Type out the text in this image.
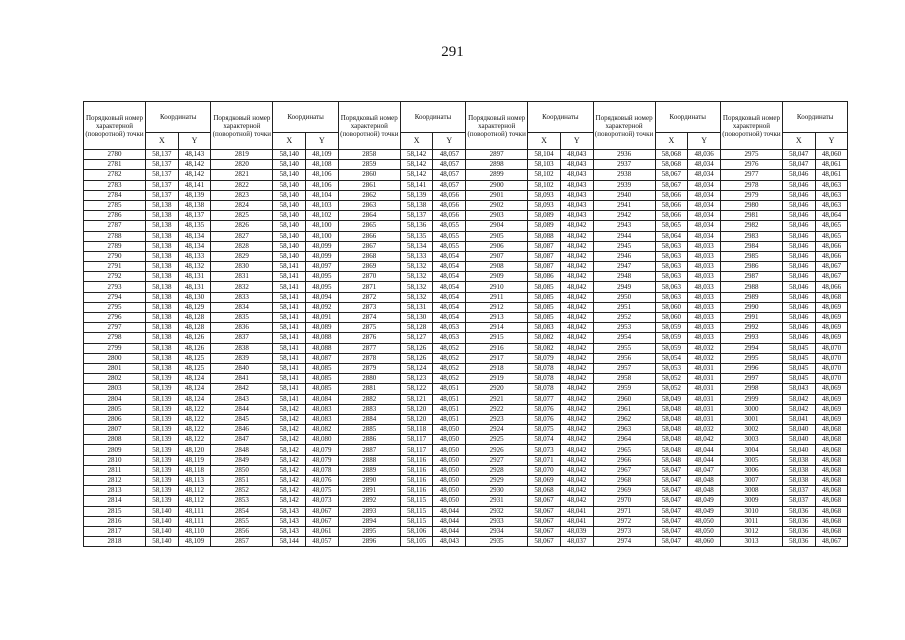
291
Порядковый номер характерной (поворотной) точки	Координаты		Порядковый номер характерной (поворотной) точки	Координаты		Порядковый номер характерной (поворотной) точки	Координаты		Порядковый номер характерной (поворотной) точки	Координаты		Порядковый номер характерной (поворотной) точки	Координаты		Порядковый номер характерной (поворотной) точки	Координаты	
	X	Y		X	Y		X	Y		X	Y		X	Y		X	Y
2780	58,137	48,143	2819	58,140	48,109	2858	58,142	48,057	2897	58,104	48,043	2936	58,068	48,036	2975	58,047	48,060
2781	58,137	48,142	2820	58,140	48,108	2859	58,142	48,057	2898	58,103	48,043	2937	58,068	48,034	2976	58,047	48,061
2782	58,137	48,142	2821	58,140	48,106	2860	58,142	48,057	2899	58,102	48,043	2938	58,067	48,034	2977	58,046	48,061
2783	58,137	48,141	2822	58,140	48,106	2861	58,141	48,057	2900	58,102	48,043	2939	58,067	48,034	2978	58,046	48,063
2784	58,137	48,139	2823	58,140	48,104	2862	58,139	48,056	2901	58,093	48,043	2940	58,066	48,034	2979	58,046	48,063
2785	58,138	48,138	2824	58,140	48,103	2863	58,138	48,056	2902	58,093	48,043	2941	58,066	48,034	2980	58,046	48,063
2786	58,138	48,137	2825	58,140	48,102	2864	58,137	48,056	2903	58,089	48,043	2942	58,066	48,034	2981	58,046	48,064
2787	58,138	48,135	2826	58,140	48,100	2865	58,136	48,055	2904	58,089	48,042	2943	58,065	48,034	2982	58,046	48,065
2788	58,138	48,134	2827	58,140	48,100	2866	58,135	48,055	2905	58,088	48,042	2944	58,064	48,034	2983	58,046	48,065
2789	58,138	48,134	2828	58,140	48,099	2867	58,134	48,055	2906	58,087	48,042	2945	58,063	48,033	2984	58,046	48,066
2790	58,138	48,133	2829	58,140	48,099	2868	58,133	48,054	2907	58,087	48,042	2946	58,063	48,033	2985	58,046	48,066
2791	58,138	48,132	2830	58,141	48,097	2869	58,132	48,054	2908	58,087	48,042	2947	58,063	48,033	2986	58,046	48,067
2792	58,138	48,131	2831	58,141	48,095	2870	58,132	48,054	2909	58,086	48,042	2948	58,063	48,033	2987	58,046	48,067
2793	58,138	48,131	2832	58,141	48,095	2871	58,132	48,054	2910	58,085	48,042	2949	58,063	48,033	2988	58,046	48,066
2794	58,138	48,130	2833	58,141	48,094	2872	58,132	48,054	2911	58,085	48,042	2950	58,063	48,033	2989	58,046	48,068
2795	58,138	48,129	2834	58,141	48,092	2873	58,131	48,054	2912	58,085	48,042	2951	58,060	48,033	2990	58,046	48,069
2796	58,138	48,128	2835	58,141	48,091	2874	58,130	48,054	2913	58,085	48,042	2952	58,060	48,033	2991	58,046	48,069
2797	58,138	48,128	2836	58,141	48,089	2875	58,128	48,053	2914	58,083	48,042	2953	58,059	48,033	2992	58,046	48,069
2798	58,138	48,126	2837	58,141	48,088	2876	58,127	48,053	2915	58,082	48,042	2954	58,059	48,033	2993	58,046	48,069
2799	58,138	48,126	2838	58,141	48,088	2877	58,126	48,052	2916	58,082	48,042	2955	58,059	48,032	2994	58,045	48,070
2800	58,138	48,125	2839	58,141	48,087	2878	58,126	48,052	2917	58,079	48,042	2956	58,054	48,032	2995	58,045	48,070
2801	58,138	48,125	2840	58,141	48,085	2879	58,124	48,052	2918	58,078	48,042	2957	58,053	48,031	2996	58,045	48,070
2802	58,139	48,124	2841	58,141	48,085	2880	58,123	48,052	2919	58,078	48,042	2958	58,052	48,031	2997	58,045	48,070
2803	58,139	48,124	2842	58,141	48,085	2881	58,122	48,051	2920	58,078	48,042	2959	58,052	48,031	2998	58,043	48,069
2804	58,139	48,124	2843	58,141	48,084	2882	58,121	48,051	2921	58,077	48,042	2960	58,049	48,031	2999	58,042	48,069
2805	58,139	48,122	2844	58,142	48,083	2883	58,120	48,051	2922	58,076	48,042	2961	58,048	48,031	3000	58,042	48,069
2806	58,139	48,122	2845	58,142	48,083	2884	58,120	48,051	2923	58,076	48,042	2962	58,048	48,031	3001	58,041	48,069
2807	58,139	48,122	2846	58,142	48,082	2885	58,118	48,050	2924	58,075	48,042	2963	58,048	48,032	3002	58,040	48,068
2808	58,139	48,122	2847	58,142	48,080	2886	58,117	48,050	2925	58,074	48,042	2964	58,048	48,042	3003	58,040	48,068
2809	58,139	48,120	2848	58,142	48,079	2887	58,117	48,050	2926	58,073	48,042	2965	58,048	48,044	3004	58,040	48,068
2810	58,139	48,119	2849	58,142	48,079	2888	58,116	48,050	2927	58,071	48,042	2966	58,048	48,044	3005	58,038	48,068
2811	58,139	48,118	2850	58,142	48,078	2889	58,116	48,050	2928	58,070	48,042	2967	58,047	48,047	3006	58,038	48,068
2812	58,139	48,113	2851	58,142	48,076	2890	58,116	48,050	2929	58,069	48,042	2968	58,047	48,048	3007	58,038	48,068
2813	58,139	48,112	2852	58,142	48,075	2891	58,116	48,050	2930	58,068	48,042	2969	58,047	48,048	3008	58,037	48,068
2814	58,139	48,112	2853	58,142	48,073	2892	58,115	48,050	2931	58,067	48,042	2970	58,047	48,049	3009	58,037	48,068
2815	58,140	48,111	2854	58,143	48,067	2893	58,115	48,044	2932	58,067	48,041	2971	58,047	48,049	3010	58,036	48,068
2816	58,140	48,111	2855	58,143	48,067	2894	58,115	48,044	2933	58,067	48,041	2972	58,047	48,050	3011	58,036	48,068
2817	58,140	48,110	2856	58,143	48,061	2895	58,106	48,044	2934	58,067	48,039	2973	58,047	48,050	3012	58,036	48,068
2818	58,140	48,109	2857	58,144	48,057	2896	58,105	48,043	2935	58,067	48,037	2974	58,047	48,060	3013	58,036	48,067
